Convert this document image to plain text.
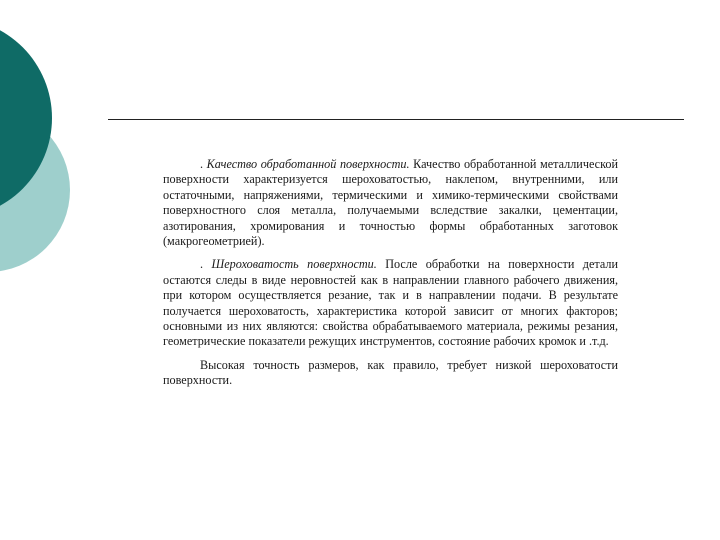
. Качество обработанной поверхности. Качество обработанной металлической поверхности характеризуется шероховатостью, наклепом, внутренними, или остаточными, напряжениями, термическими и химико-термическими свойствами поверхностного слоя металла, получаемыми вследствие закалки, цементации, азотирования, хромирования и точностью формы обработанных заготовок (макрогеометрией).

. Шероховатость поверхности. После обработки на поверхности детали остаются следы в виде неровностей как в направлении главного рабочего движения, при котором осуществляется резание, так и в направлении подачи. В результате получается шероховатость, характеристика которой зависит от многих факторов; основными из них являются: свойства обрабатываемого материала, режимы резания, геометрические показатели режущих инструментов, состояние рабочих кромок и .т.д.

Высокая точность размеров, как правило, требует низкой шероховатости поверхности.
